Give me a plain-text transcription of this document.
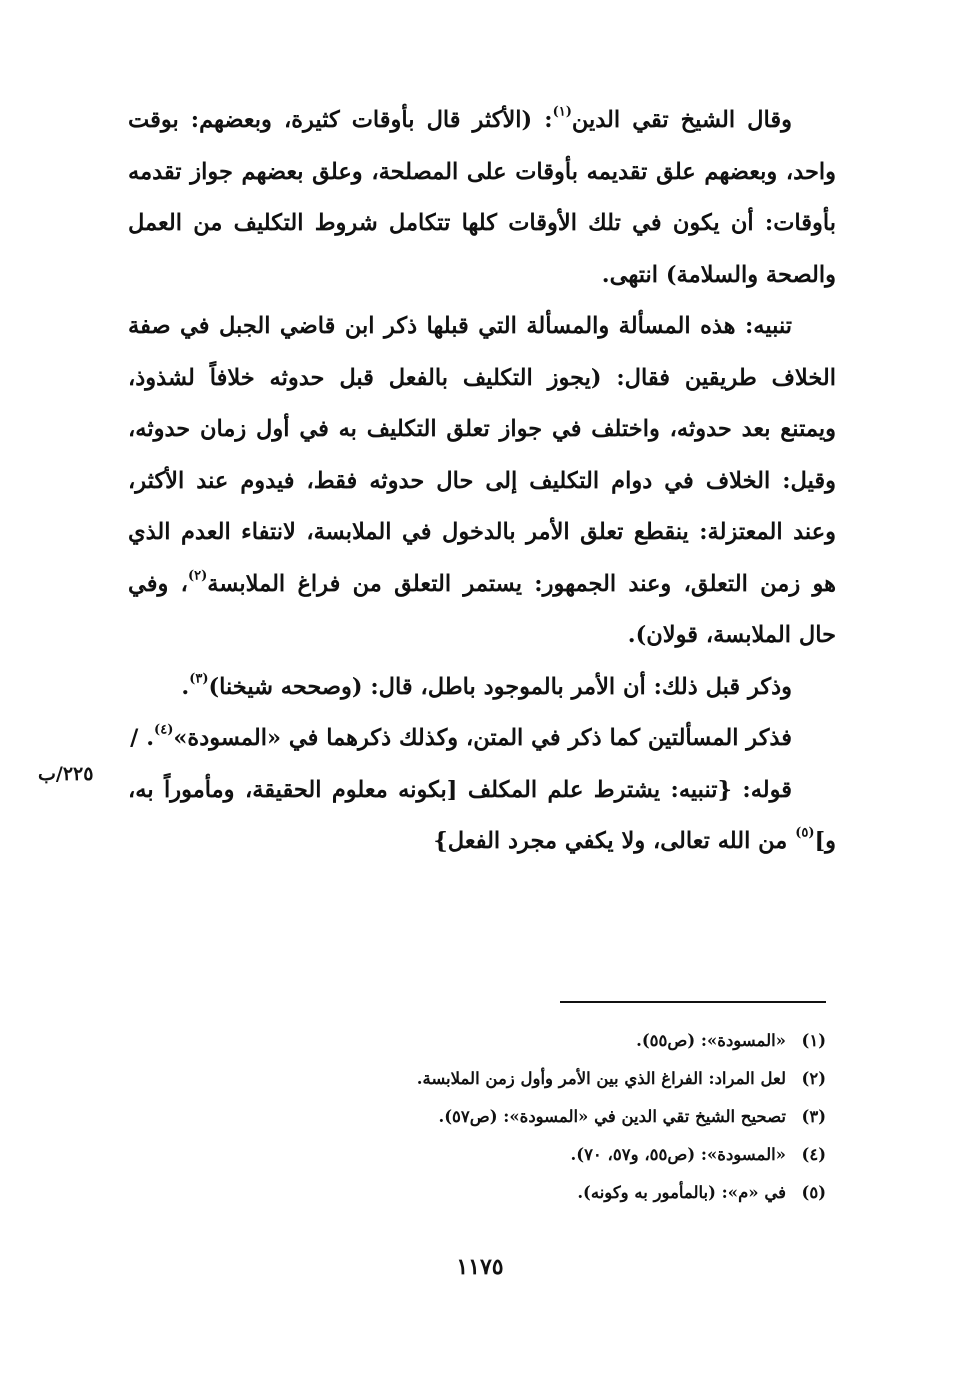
وقال الشيخ تقي الدين$^{(١)}$: (الأكثر قال بأوقات كثيرة، وبعضهم: بوقت واحد، وبعضهم علق تقديمه بأوقات على المصلحة، وعلق بعضهم جواز تقدمه بأوقات: أن يكون في تلك الأوقات كلها تتكامل شروط التكليف من العمل والصحة والسلامة) انتهى.

تنبيه: هذه المسألة والمسألة التي قبلها ذكر ابن قاضي الجبل في صفة الخلاف طريقين فقال: (يجوز التكليف بالفعل قبل حدوثه خلافاً لشذوذ، ويمتنع بعد حدوثه، واختلف في جواز تعلق التكليف به في أول زمان حدوثه، وقيل: الخلاف في دوام التكليف إلى حال حدوثه فقط، فيدوم عند الأكثر، وعند المعتزلة: ينقطع تعلق الأمر بالدخول في الملابسة، لانتفاء العدم الذي هو زمن التعلق، وعند الجمهور: يستمر التعلق من فراغ الملابسة$^{(٢)}$، وفي حال الملابسة، قولان).

وذكر قبل ذلك: أن الأمر بالموجود باطل، قال: (وصححه شيخنا)$^{(٣)}$.

فذكر المسألتين كما ذكر في المتن، وكذلك ذكرهما في «المسودة»$^{(٤)}$. /

قوله: {تنبيه: يشترط علم المكلف [بكونه معلوم الحقيقة، ومأموراً به، و]$^{(٥)}$ من الله تعالى، ولا يكفي مجرد الفعل}

٢٢٥/ب
(١)«المسودة»: (ص٥٥).
(٢)لعل المراد: الفراغ الذي بين الأمر وأول زمن الملابسة.
(٣)تصحيح الشيخ تقي الدين في «المسودة»: (ص٥٧).
(٤)«المسودة»: (ص٥٥، و٥٧، ٧٠).
(٥)في «م»: (بالمأمور به وكونه).
١١٧٥
